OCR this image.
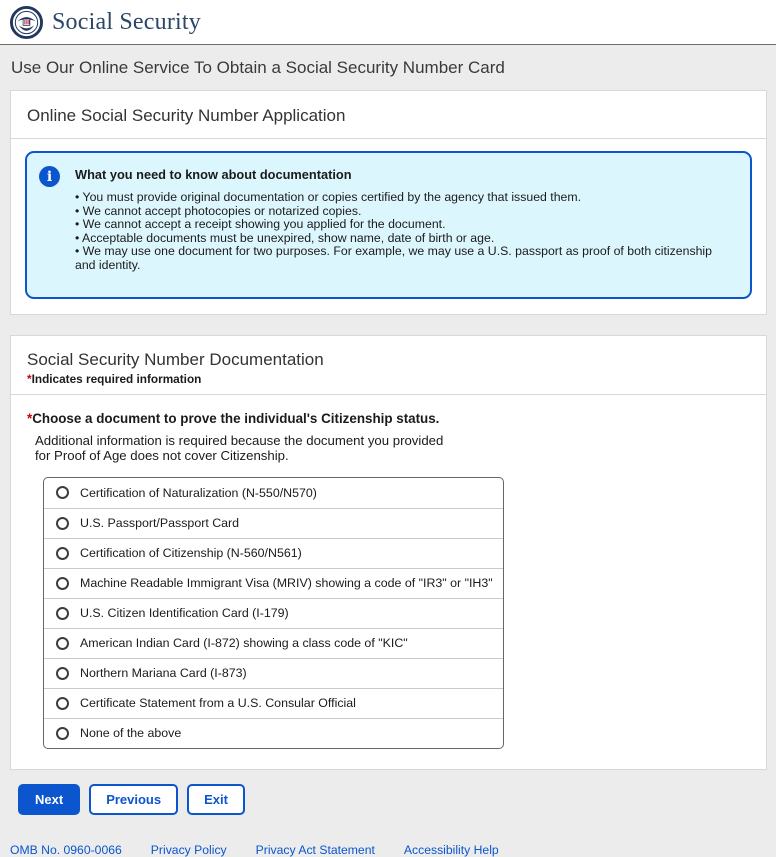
Social Security
Use Our Online Service To Obtain a Social Security Number Card
Online Social Security Number Application
i	What you need to know about documentation
• You must provide original documentation or copies certified by the agency that issued them.
• We cannot accept photocopies or notarized copies.
• We cannot accept a receipt showing you applied for the document.
• Acceptable documents must be unexpired, show name, date of birth or age.
• We may use one document for two purposes. For example, we may use a U.S. passport as proof of both citizenship and identity.
Social Security Number Documentation
*Indicates required information

*Choose a document to prove the individual's Citizenship status.

Additional information is required because the document you provided
for Proof of Age does not cover Citizenship.

Certification of Naturalization (N-550/N570)
U.S. Passport/Passport Card
Certification of Citizenship (N-560/N561)
Machine Readable Immigrant Visa (MRIV) showing a code of "IR3" or "IH3"
U.S. Citizen Identification Card (I-179)
American Indian Card (I-872) showing a class code of "KIC"
Northern Mariana Card (I-873)
Certificate Statement from a U.S. Consular Official
None of the above
Next	Previous	Exit
OMB No. 0960-0066 Privacy Policy Privacy Act Statement Accessibility Help
